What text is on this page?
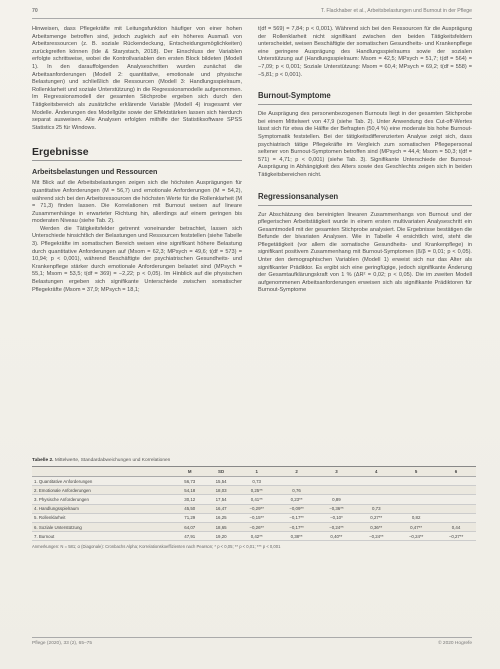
70	T. Flackhaber et al., Arbeitsbelastungen und Burnout in der Pflege

Hinweisen, dass Pflegekräfte mit Leitungsfunktion häufiger von einer hohen Arbeitsmenge betroffen sind, jedoch zugleich auf ein höheres Ausmaß von Arbeitsressourcen (z. B. soziale Rückendeckung, Entscheidungsmöglichkeiten) zurückgreifen können (Ide & Starystach, 2018). Der Einschluss der Variablen erfolgte schrittweise, wobei die Kontrollvariablen den ersten Block bildeten (Modell 1). In den darauffolgenden Analyseschritten wurden zunächst die Arbeitsanforderungen (Modell 2: quantitative, emotionale und physische Belastungen) und schließlich die Ressourcen (Modell 3: Handlungsspielraum, Rollenklarheit und soziale Unterstützung) in die Regressionsmodelle aufgenommen. Im Regressionsmodell der gesamten Stichprobe ergeben sich durch den Tätigkeitsbereich als zusätzliche erklärende Variable (Modell 4) insgesamt vier Modelle. Änderungen des Modellgüte sowie der Effektstärken lassen sich hierdurch separat ausweisen. Alle Analysen erfolgten mithilfe der Statistiksoftware SPSS Statistics 25 für Windows.

Ergebnisse
Arbeitsbelastungen und Ressourcen

Mit Blick auf die Arbeitsbelastungen zeigen sich die höchsten Ausprägungen für quantitative Anforderungen (M = 56,7) und emotionale Anforderungen (M = 54,2), während sich bei den Arbeitsressourcen die höchsten Werte für die Rollenklarheit (M = 71,3) finden lassen. Die Korrelationen mit Burnout weisen auf lineare Zusammenhänge in erwarteter Richtung hin, allerdings auf einem geringen bis moderaten Niveau (siehe Tab. 2).

Werden die Tätigkeitsfelder getrennt voneinander betrachtet, lassen sich Unterschiede hinsichtlich der Belastungen und Ressourcen feststellen (siehe Tabelle 3). Pflegekräfte im somatischen Bereich weisen eine signifikant höhere Belastung durch quantitative Anforderungen auf (Msom = 62,3; MPsych = 49,6; t(df = 573) = 10,94; p < 0,001), während Beschäftigte der psychiatrischen Gesundheits- und Krankenpflege stärker durch emotionale Anforderungen belastet sind (MPsych = 55,1; Msom = 53,5; t(df = 369) = −2,22; p < 0,05). Im Hinblick auf die physischen Belastungen ergeben sich signifikante Unterschiede zwischen somatischer Pflegekräfte (Msom = 37,9; MPsych = 18,1;

t(df = 569) = 7,84; p < 0,001). Während sich bei den Ressourcen für die Ausprägung der Rollenklarheit nicht signifikant zwischen den beiden Tätigkeitsfeldern unterscheidet, weisen Beschäftigte der somatischen Gesundheits- und Krankenpflege eine geringere Ausprägung des Handlungsspielraums sowie der sozialen Unterstützung auf (Handlungsspielraum: Msom = 42,5; MPsych = 51,7; t(df = 564) = −7,09; p < 0,001; Soziale Unterstützung: Msom = 60,4; MPsych = 69,2; t(df = 558) = −5,81; p < 0,001).

Burnout-Symptome

Die Ausprägung des personenbezogenen Burnouts liegt in der gesamten Stichprobe bei einem Mittelwert von 47,9 (siehe Tab. 2). Unter Anwendung des Cut-off-Wertes lässt sich für etwa die Hälfte der Befragten (50,4 %) eine moderate bis hohe Burnout-Symptomatik feststellen. Bei der tätigkeitsdifferenzierten Analyse zeigt sich, dass psychiatrisch tätige Pflegekräfte im Vergleich zum somatischen Pflegepersonal seltener von Burnout-Symptomen betroffen sind (MPsych = 44,4; Msom = 50,3; t(df = 571) = 4,71; p < 0,001) (siehe Tab. 3). Signifikante Unterschiede der Burnout-Ausprägung in Abhängigkeit des Alters sowie des Geschlechts zeigen sich in beiden Tätigkeitsbereichen nicht.

Regressionsanalysen

Zur Abschätzung des bereinigten linearen Zusammenhangs von Burnout und der pflegerischen Arbeitstätigkeit wurde in einem ersten multivariaten Analyseschritt ein Gesamtmodell mit der gesamten Stichprobe analysiert. Die Ergebnisse bestätigen die Befunde der bivariaten Analysen. Wie in Tabelle 4 ersichtlich wird, steht die Pflegetätigkeit (vor allem die somatische Gesundheits- und Krankenpflege) in signifikant positivem Zusammenhang mit Burnout-Symptomen (ß/β = 0,01; p < 0,05). Unter den demographischen Variablen (Modell 1) erweist sich nur das Alter als signifikanter Prädiktor. Es ergibt sich eine geringfügige, jedoch signifikante Änderung der Gesamtaufklärungskraft von 1 % (ΔR² = 0,02; p < 0,05). Die im zweiten Modell aufgenommenen Arbeitsanforderungen erweisen sich als signifikante Prädiktoren für Burnout-Symptome

Tabelle 2. Mittelwerte, Standardabweichungen und Korrelationen
	M	SD	1	2	3	4	5	6
1. Quantitative Anforderungen	56,73	15,54	0,73					
2. Emotionale Anforderungen	54,18	18,03	0,25**	0,76				
3. Physische Anforderungen	30,12	17,54	0,41**	0,23**	0,89			
4. Handlungsspielraum	45,50	16,47	−0,29**	−0,09**	−0,36**	0,73		
5. Rollenklarheit	71,29	16,25	−0,15**	−0,17**	−0,10*	0,27**	0,82	
6. Soziale Unterstützung	64,07	18,65	−0,26**	−0,17**	−0,24**	0,36**	0,47**	0,44
7. Burnout	47,91	19,20	0,42**	0,38**	0,40**	−0,24**	−0,24**	−0,27**
Anmerkungen: N = 581; α (Diagonale): Cronbachs Alpha; Korrelationskoeffizienten nach Pearson; * p < 0,05; ** p < 0,01; *** p < 0,001
Pflege (2020), 33 (2), 65–75	© 2020 Hogrefe
